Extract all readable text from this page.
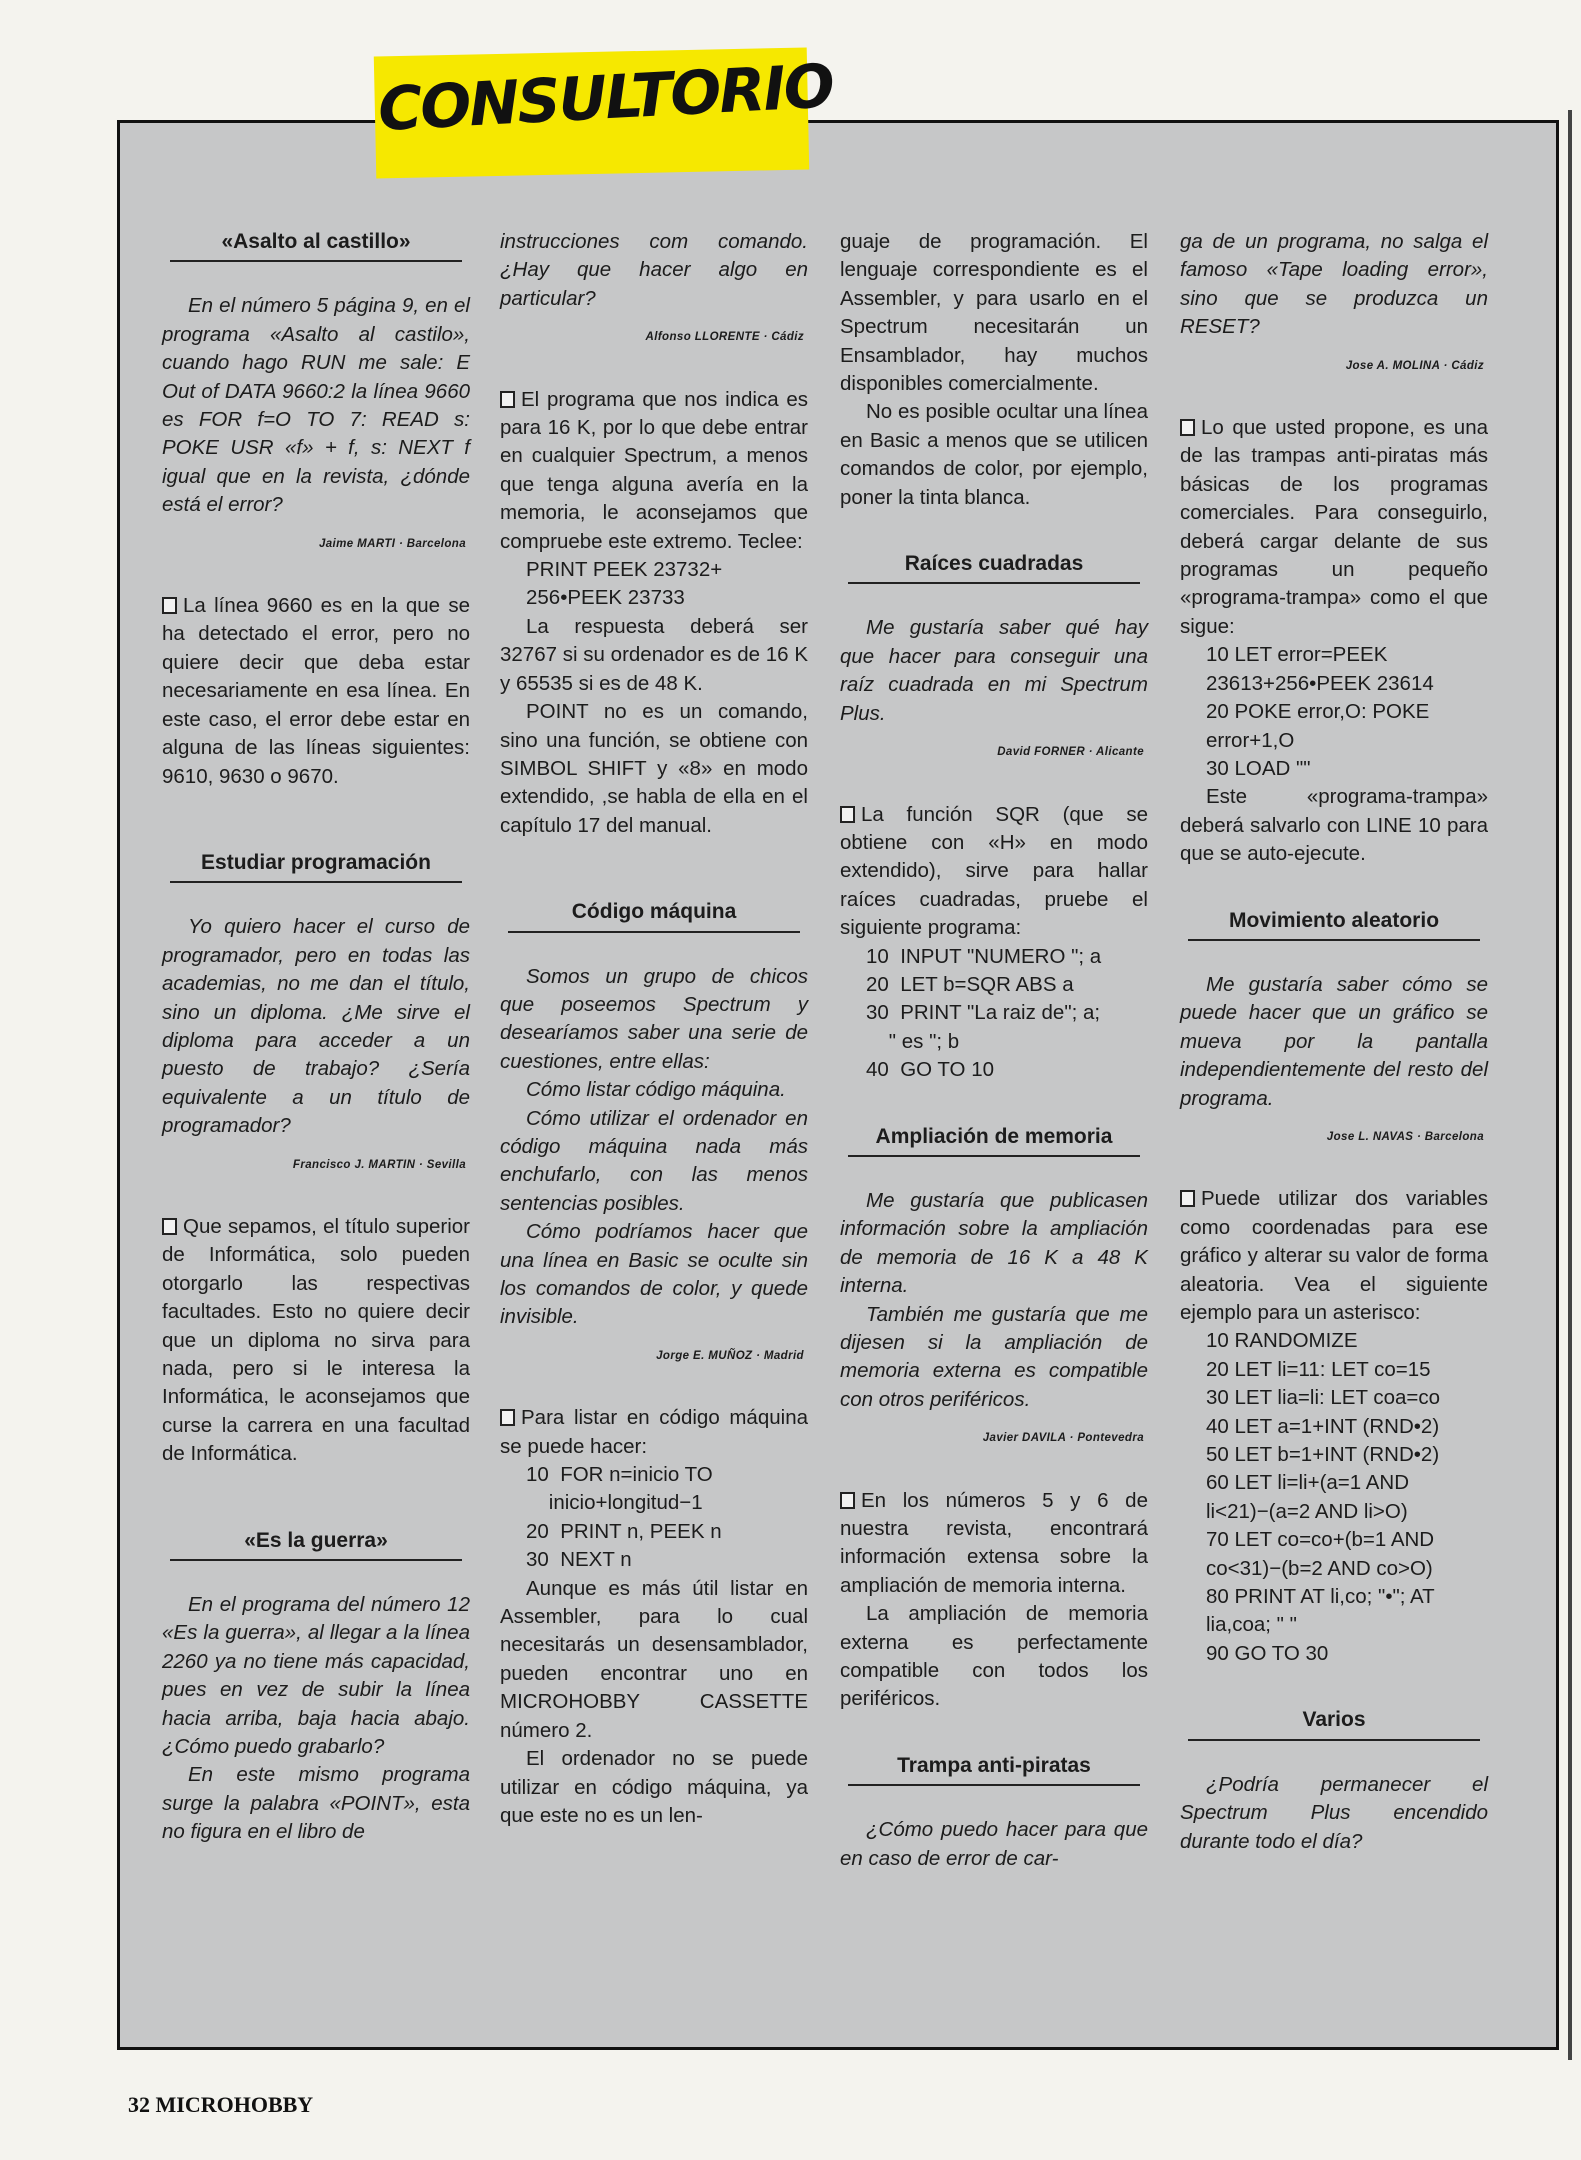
CONSULTORIO
«Asalto al castillo»

En el número 5 página 9, en el programa «Asalto al castilo», cuando hago RUN me sale: E Out of DATA 9660:2 la línea 9660 es FOR f=O TO 7: READ s: POKE USR «f» + f, s: NEXT f igual que en la revista, ¿dónde está el error?

Jaime MARTI · Barcelona

La línea 9660 es en la que se ha detectado el error, pero no quiere decir que deba estar necesariamente en esa línea. En este caso, el error debe estar en alguna de las líneas siguientes: 9610, 9630 o 9670.

Estudiar programación

Yo quiero hacer el curso de programador, pero en todas las academias, no me dan el título, sino un diploma. ¿Me sirve el diploma para acceder a un puesto de trabajo? ¿Sería equivalente a un título de programador?

Francisco J. MARTIN · Sevilla

Que sepamos, el título superior de Informática, solo pueden otorgarlo las respectivas facultades. Esto no quiere decir que un diploma no sirva para nada, pero si le interesa la Informática, le aconsejamos que curse la carrera en una facultad de Informática.

«Es la guerra»

En el programa del número 12 «Es la guerra», al llegar a la línea 2260 ya no tiene más capacidad, pues en vez de subir la línea hacia arriba, baja hacia abajo. ¿Cómo puedo grabarlo?

En este mismo programa surge la palabra «POINT», esta no figura en el libro de

instrucciones com comando. ¿Hay que hacer algo en particular?

Alfonso LLORENTE · Cádiz

El programa que nos indica es para 16 K, por lo que debe entrar en cualquier Spectrum, a menos que tenga alguna avería en la memoria, le aconsejamos que compruebe este extremo. Teclee:

PRINT PEEK 23732+
256•PEEK 23733

La respuesta deberá ser 32767 si su ordenador es de 16 K y 65535 si es de 48 K.

POINT no es un comando, sino una función, se obtiene con SIMBOL SHIFT y «8» en modo extendido, ,se habla de ella en el capítulo 17 del manual.

Código máquina

Somos un grupo de chicos que poseemos Spectrum y desearíamos saber una serie de cuestiones, entre ellas:

Cómo listar código máquina.

Cómo utilizar el ordenador en código máquina nada más enchufarlo, con las menos sentencias posibles.

Cómo podríamos hacer que una línea en Basic se oculte sin los comandos de color, y quede invisible.

Jorge E. MUÑOZ · Madrid

Para listar en código máquina se puede hacer:

10  FOR n=inicio TO
inicio+longitud−1
20  PRINT n, PEEK n
30  NEXT n

Aunque es más útil listar en Assembler, para lo cual necesitarás un desensamblador, pueden encontrar uno en MICROHOBBY CASSETTE número 2.

El ordenador no se puede utilizar en código máquina, ya que este no es un len-

guaje de programación. El lenguaje correspondiente es el Assembler, y para usarlo en el Spectrum necesitarán un Ensamblador, hay muchos disponibles comercialmente.

No es posible ocultar una línea en Basic a menos que se utilicen comandos de color, por ejemplo, poner la tinta blanca.

Raíces cuadradas

Me gustaría saber qué hay que hacer para conseguir una raíz cuadrada en mi Spectrum Plus.

David FORNER · Alicante

La función SQR (que se obtiene con «H» en modo extendido), sirve para hallar raíces cuadradas, pruebe el siguiente programa:

10  INPUT "NUMERO "; a
20  LET b=SQR ABS a
30  PRINT "La raiz de"; a;
" es "; b
40  GO TO 10

Ampliación de memoria

Me gustaría que publicasen información sobre la ampliación de memoria de 16 K a 48 K interna.

También me gustaría que me dijesen si la ampliación de memoria externa es compatible con otros periféricos.

Javier DAVILA · Pontevedra

En los números 5 y 6 de nuestra revista, encontrará información extensa sobre la ampliación de memoria interna.

La ampliación de memoria externa es perfectamente compatible con todos los periféricos.

Trampa anti-piratas

¿Cómo puedo hacer para que en caso de error de car-

ga de un programa, no salga el famoso «Tape loading error», sino que se produzca un RESET?

Jose A. MOLINA · Cádiz

Lo que usted propone, es una de las trampas anti-piratas más básicas de los programas comerciales. Para conseguirlo, deberá cargar delante de sus programas un pequeño «programa-trampa» como el que sigue:

10 LET error=PEEK
23613+256•PEEK 23614
20 POKE error,O: POKE
error+1,O
30 LOAD ""

Este «programa-trampa» deberá salvarlo con LINE 10 para que se auto-ejecute.

Movimiento aleatorio

Me gustaría saber cómo se puede hacer que un gráfico se mueva por la pantalla independientemente del resto del programa.

Jose L. NAVAS · Barcelona

Puede utilizar dos variables como coordenadas para ese gráfico y alterar su valor de forma aleatoria. Vea el siguiente ejemplo para un asterisco:

10 RANDOMIZE
20 LET li=11: LET co=15
30 LET lia=li: LET coa=co
40 LET a=1+INT (RND•2)
50 LET b=1+INT (RND•2)
60 LET li=li+(a=1 AND
li<21)−(a=2 AND li>O)
70 LET co=co+(b=1 AND
co<31)−(b=2 AND co>O)
80 PRINT AT li,co; "•"; AT
lia,coa; " "
90 GO TO 30

Varios

¿Podría permanecer el Spectrum Plus encendido durante todo el día?

32 MICROHOBBY
